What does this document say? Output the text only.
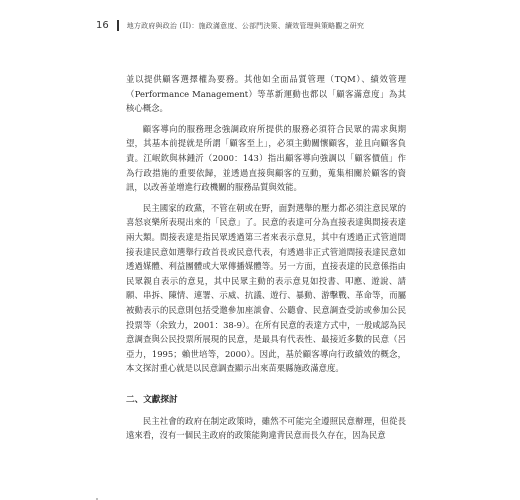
16	地方政府與政治 (II)：施政滿意度、公部門決策、續效管理與策略觀之研究

並以提供顧客選擇權為要務。其他如全面品質管理（TQM）、績效管理（Performance Management）等革新運動也都以「顧客滿意度」為其核心概念。

顧客導向的服務理念強調政府所提供的服務必須符合民眾的需求與期望，其基本前提就是所謂「顧客至上」，必須主動關懷顧客，並且向顧客負責。江岷欽與林鍾沂（2000：143）指出顧客導向強調以「顧客價值」作為行政措施的重要依歸，並透過直接與顧客的互動，蒐集相關於顧客的資訊，以改善並增進行政機關的服務品質與效能。

民主國家的政黨，不管在朝或在野，面對選舉的壓力都必須注意民眾的喜怒哀樂所表現出來的「民意」了。民意的表達可分為直接表達與間接表達兩大類。間接表達是指民眾透過第三者來表示意見，其中有透過正式管道間接表達民意如選舉行政首長或民意代表，有透過非正式管道間接表達民意如透過媒體、利益團體或大眾傳播媒體等。另一方面，直接表達的民意係指由民眾親自表示的意見，其中民眾主動的表示意見如投書、叩應、遊說、請願、串拆、陳情、連署、示威、抗議、遊行、暴動、游擊戰、革命等，而屬被動表示的民意則包括受邀參加座談會、公聽會、民意調查受訪或參加公民投票等（余致力，2001：38-9）。在所有民意的表達方式中，一般咸認為民意調查與公民投票所展現的民意，是最具有代表性、最接近多數的民意（呂亞力，1995；賴世培等，2000）。因此，基於顧客導向行政績效的概念，本文探討重心就是以民意調查顯示出來苗栗縣施政滿意度。

二、文獻探討

民主社會的政府在制定政策時，雖然不可能完全遵照民意辦理，但從長遠來看，沒有一個民主政府的政策能夠違背民意而長久存在，因為民意
